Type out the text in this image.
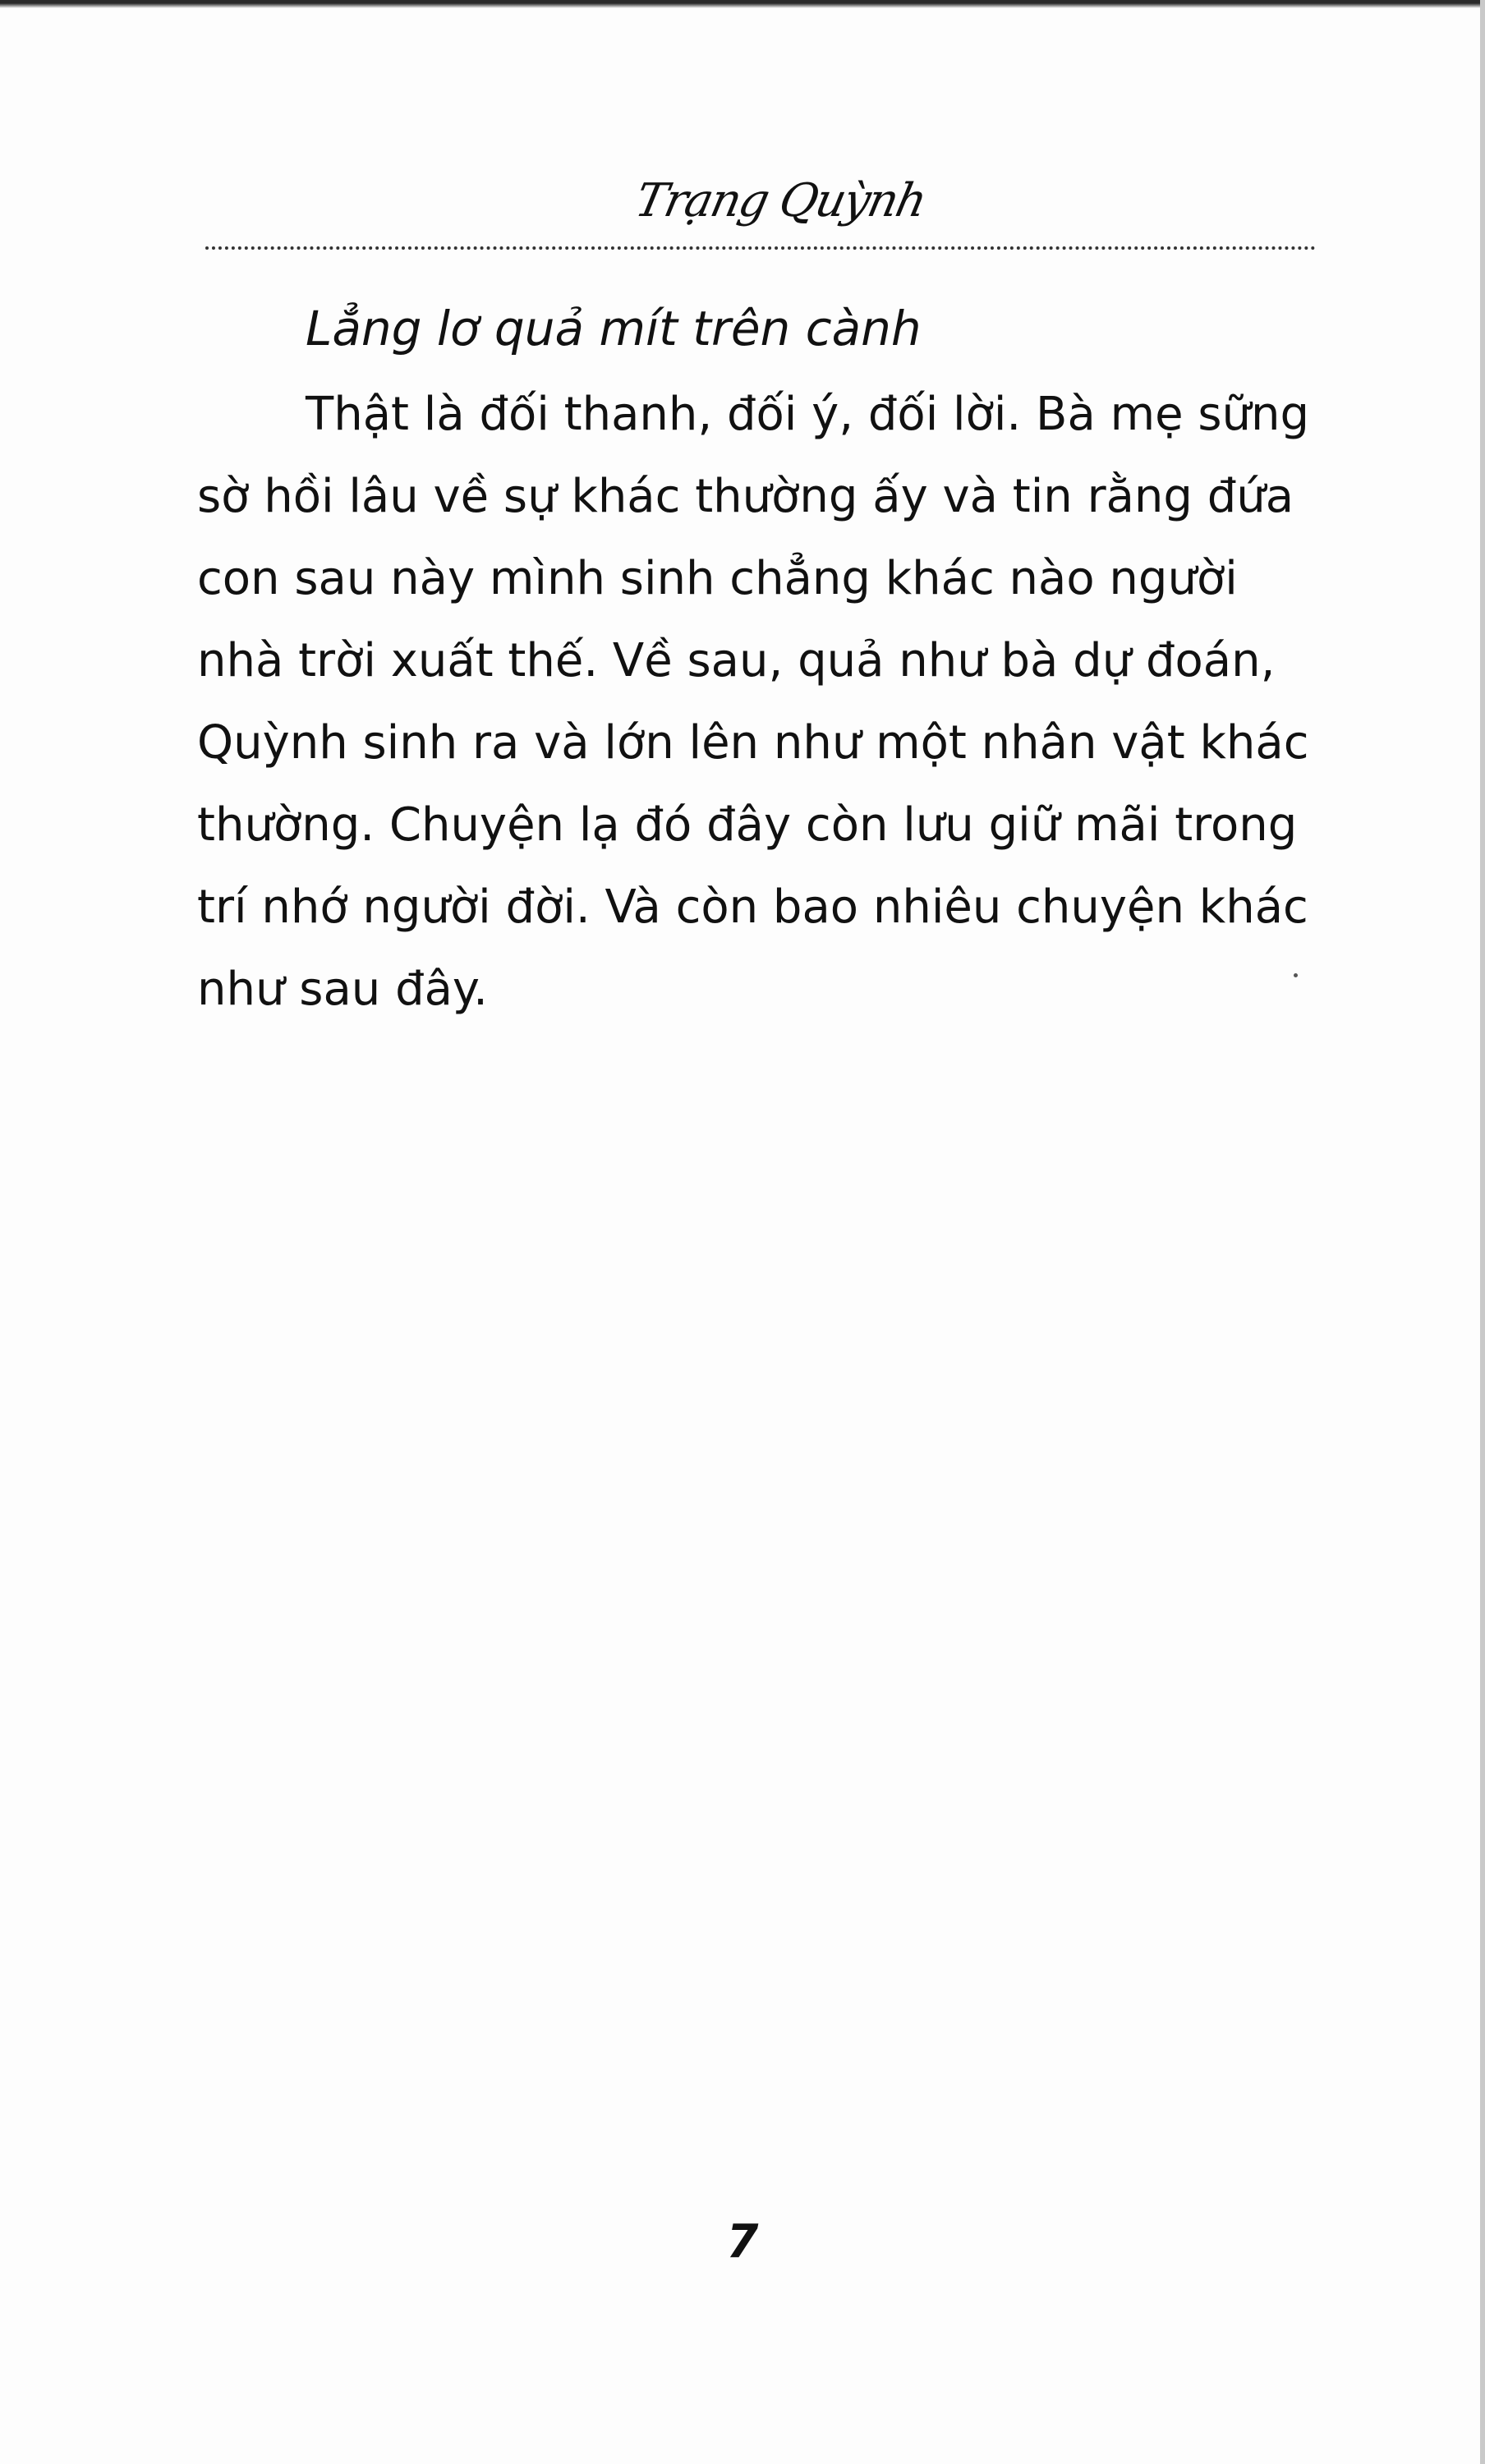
Trạng Quỳnh
Lẳng lơ quả mít trên cành
Thật là đối thanh, đối ý, đối lời. Bà mẹ sững
sờ hồi lâu về sự khác thường ấy và tin rằng đứa
con sau này mình sinh chẳng khác nào người
nhà trời xuất thế. Về sau, quả như bà dự đoán,
Quỳnh sinh ra và lớn lên như một nhân vật khác
thường. Chuyện lạ đó đây còn lưu giữ mãi trong
trí nhớ người đời. Và còn bao nhiêu chuyện khác
như sau đây.
7
